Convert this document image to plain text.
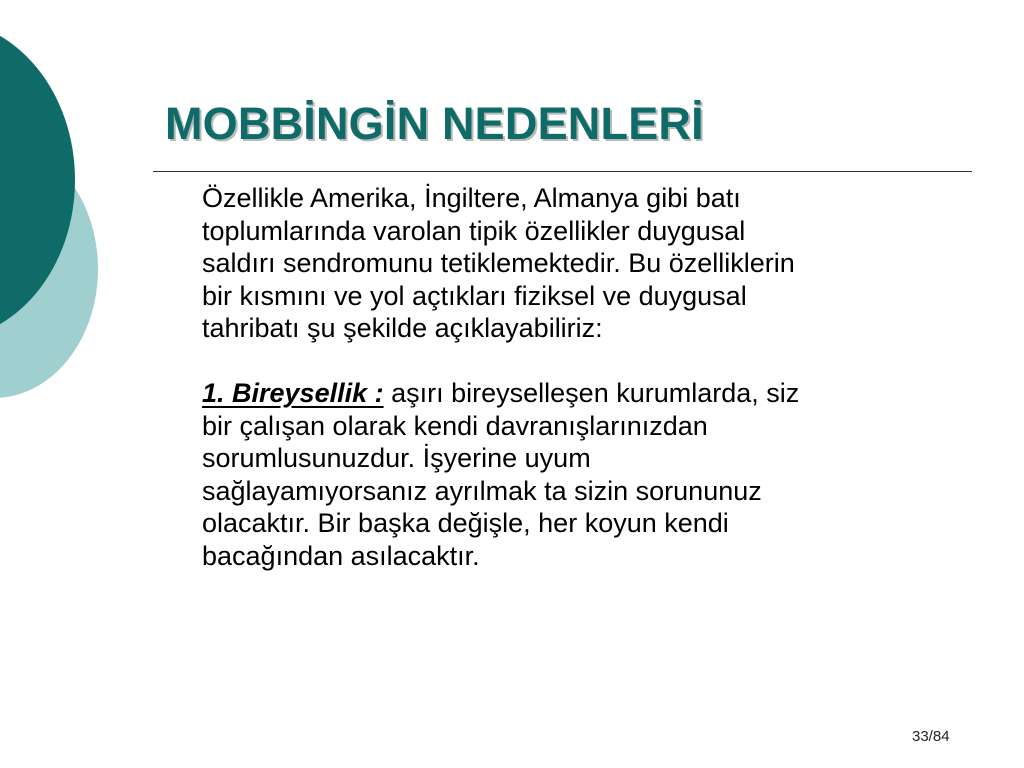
MOBBİNGİN NEDENLERİ

Özellikle Amerika, İngiltere, Almanya gibi batı

toplumlarında varolan tipik özellikler duygusal

saldırı sendromunu tetiklemektedir. Bu özelliklerin

bir kısmını ve yol açtıkları fiziksel ve duygusal

tahribatı şu şekilde açıklayabiliriz:

1. Bireysellik : aşırı bireyselleşen kurumlarda, siz

bir çalışan olarak kendi davranışlarınızdan

sorumlusunuzdur. İşyerine uyum

sağlayamıyorsanız ayrılmak ta sizin sorununuz

olacaktır. Bir başka değişle, her koyun kendi

bacağından asılacaktır.

33/84
